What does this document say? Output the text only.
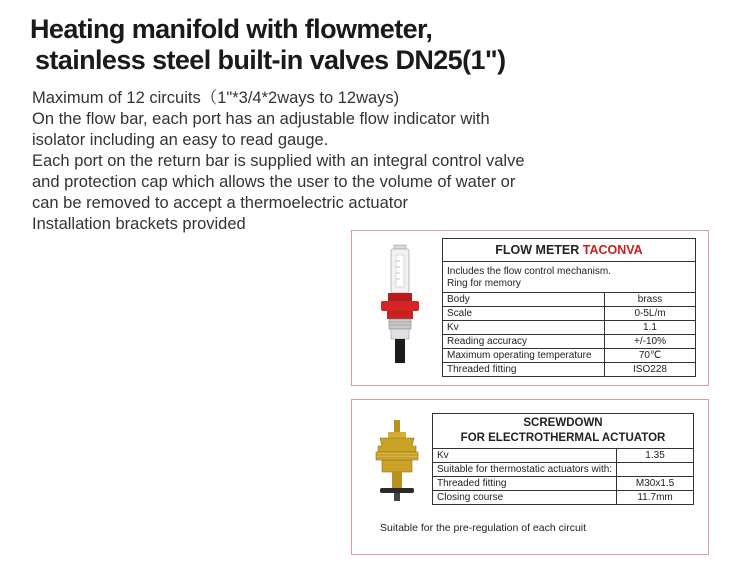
Heating manifold with flowmeter,

stainless steel built-in valves DN25(1")
Maximum of 12 circuits（1"*3/4*2ways to 12ways)
On the flow bar, each port has an adjustable flow indicator with
isolator including an easy to read gauge.
Each port on the return bar is supplied with an integral control valve
and protection cap which allows the user to the volume of water or
can be removed to accept a thermoelectric actuator
Installation brackets provided
FLOW METER TACONVA	
Includes the flow control mechanism.
Ring for memory	
Body	brass
Scale	0-5L/m
Kv	1.1
Reading accuracy	+/-10%
Maximum operating temperature	70℃
Threaded fitting	ISO228
SCREWDOWN
FOR ELECTROTHERMAL ACTUATOR	
Kv	1.35
Suitable for thermostatic actuators with:	
Threaded fitting	M30x1.5
Closing course	11.7mm
Suitable for the pre-regulation of each circuit
